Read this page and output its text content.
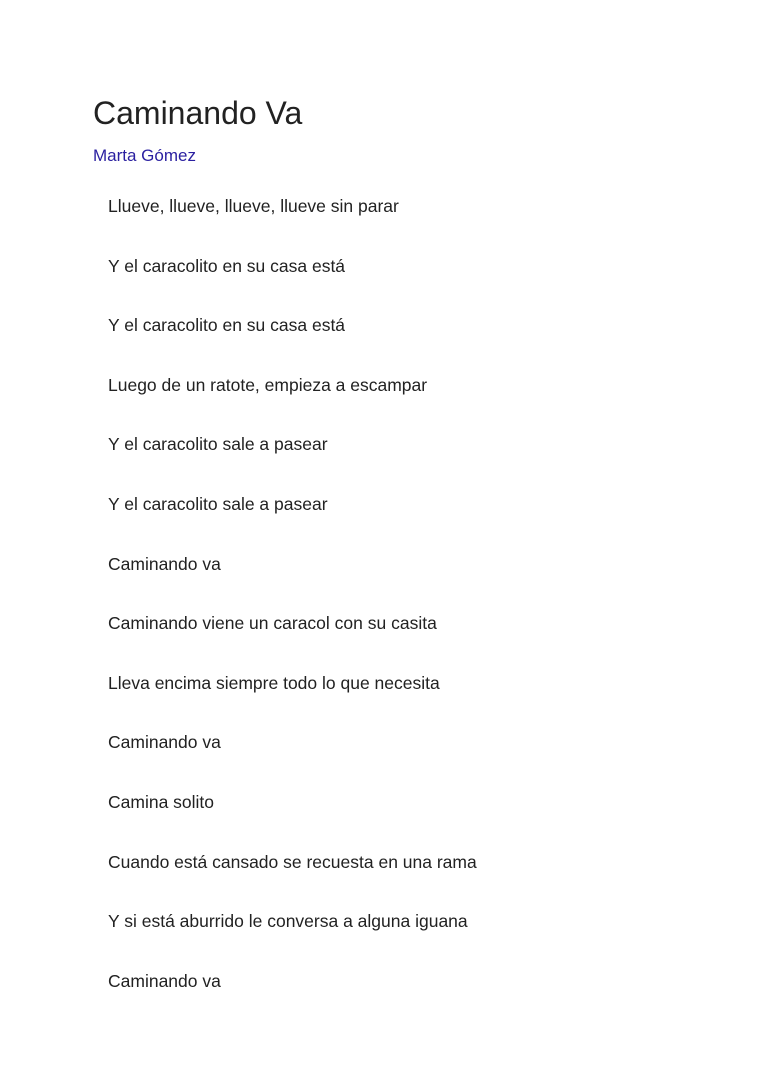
Caminando Va
Marta Gómez
Llueve, llueve, llueve, llueve sin parar
Y el caracolito en su casa está
Y el caracolito en su casa está
Luego de un ratote, empieza a escampar
Y el caracolito sale a pasear
Y el caracolito sale a pasear
Caminando va
Caminando viene un caracol con su casita
Lleva encima siempre todo lo que necesita
Caminando va
Camina solito
Cuando está cansado se recuesta en una rama
Y si está aburrido le conversa a alguna iguana
Caminando va
